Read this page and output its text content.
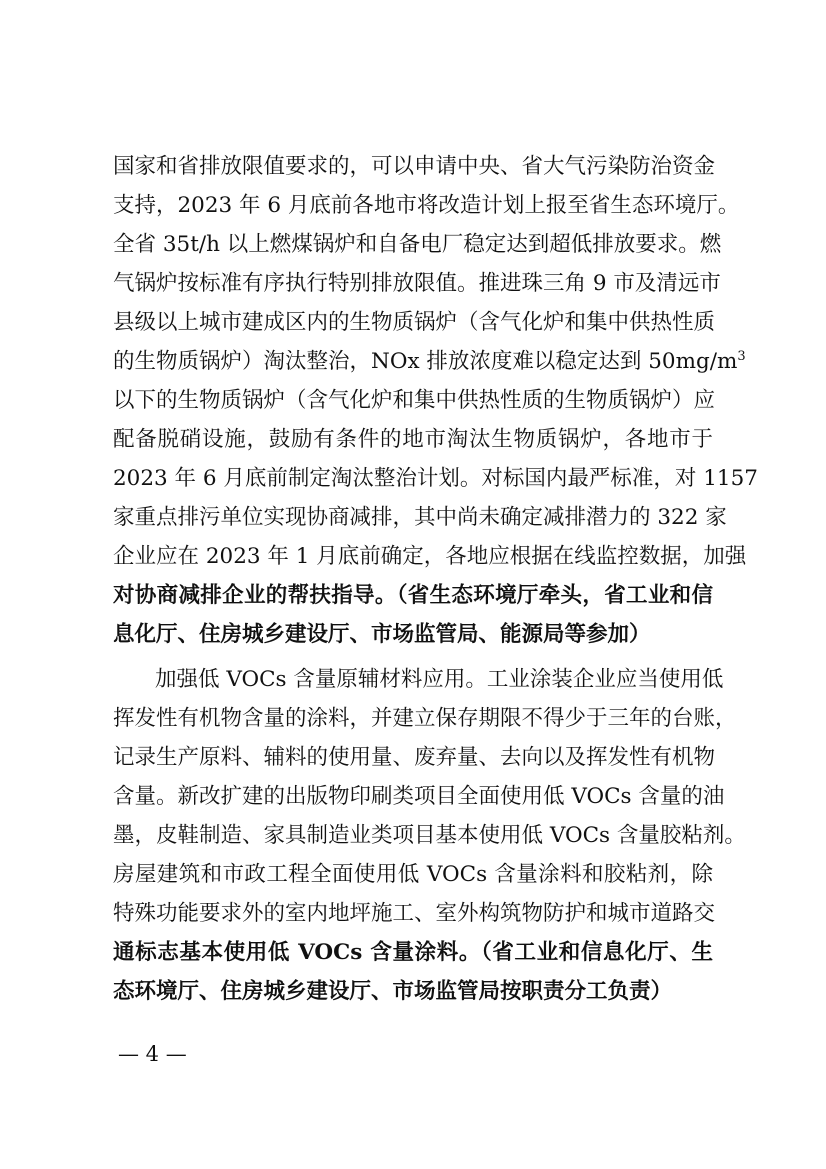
国家和省排放限值要求的，可以申请中央、省大气污染防治资金
支持，2023 年 6 月底前各地市将改造计划上报至省生态环境厅。
全省 35t/h 以上燃煤锅炉和自备电厂稳定达到超低排放要求。燃
气锅炉按标准有序执行特别排放限值。推进珠三角 9 市及清远市
县级以上城市建成区内的生物质锅炉（含气化炉和集中供热性质
的生物质锅炉）淘汰整治，NOx 排放浓度难以稳定达到 $50mg/m^3$
以下的生物质锅炉（含气化炉和集中供热性质的生物质锅炉）应
配备脱硝设施，鼓励有条件的地市淘汰生物质锅炉，各地市于
2023 年 6 月底前制定淘汰整治计划。对标国内最严标准，对 1157
家重点排污单位实现协商减排，其中尚未确定减排潜力的 322 家
企业应在 2023 年 1 月底前确定，各地应根据在线监控数据，加强
对协商减排企业的帮扶指导。（省生态环境厅牵头，省工业和信
息化厅、住房城乡建设厅、市场监管局、能源局等参加）
加强低 VOCs 含量原辅材料应用。工业涂装企业应当使用低
挥发性有机物含量的涂料，并建立保存期限不得少于三年的台账，
记录生产原料、辅料的使用量、废弃量、去向以及挥发性有机物
含量。新改扩建的出版物印刷类项目全面使用低 VOCs 含量的油
墨，皮鞋制造、家具制造业类项目基本使用低 VOCs 含量胶粘剂。
房屋建筑和市政工程全面使用低 VOCs 含量涂料和胶粘剂，除
特殊功能要求外的室内地坪施工、室外构筑物防护和城市道路交
通标志基本使用低 VOCs 含量涂料。（省工业和信息化厅、生
态环境厅、住房城乡建设厅、市场监管局按职责分工负责）
— 4 —
